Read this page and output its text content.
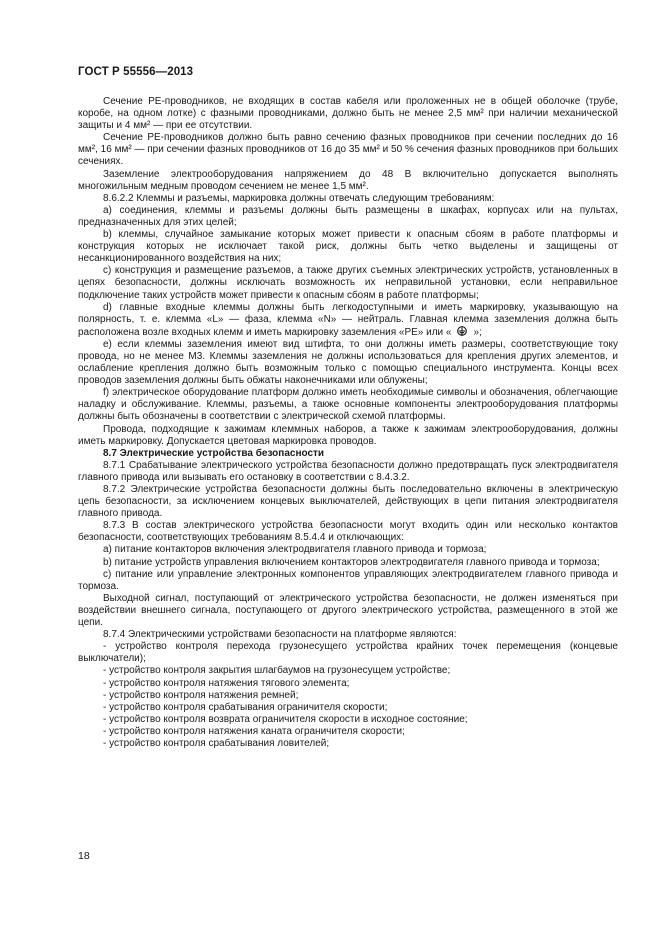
ГОСТ Р 55556—2013

Сечение PE-проводников, не входящих в состав кабеля или проложенных не в общей оболочке (трубе, коробе, на одном лотке) с фазными проводниками, должно быть не менее 2,5 мм² при наличии механической защиты и 4 мм² — при ее отсутствии.

Сечение PE-проводников должно быть равно сечению фазных проводников при сечении последних до 16 мм², 16 мм² — при сечении фазных проводников от 16 до 35 мм² и 50 % сечения фазных проводников при больших сечениях.

Заземление электрооборудования напряжением до 48 В включительно допускается выполнять многожильным медным проводом сечением не менее 1,5 мм².

8.6.2.2 Клеммы и разъемы, маркировка должны отвечать следующим требованиям:

а) соединения, клеммы и разъемы должны быть размещены в шкафах, корпусах или на пультах, предназначенных для этих целей;

b) клеммы, случайное замыкание которых может привести к опасным сбоям в работе платформы и конструкция которых не исключает такой риск, должны быть четко выделены и защищены от несанкционированного воздействия на них;

с) конструкция и размещение разъемов, а также других съемных электрических устройств, установленных в цепях безопасности, должны исключать возможность их неправильной установки, если неправильное подключение таких устройств может привести к опасным сбоям в работе платформы;

d) главные входные клеммы должны быть легкодоступными и иметь маркировку, указывающую на полярность, т. е. клемма «L» — фаза, клемма «N» — нейтраль. Главная клемма заземления должна быть расположена возле входных клемм и иметь маркировку заземления «PE» или « »;

e) если клеммы заземления имеют вид штифта, то они должны иметь размеры, соответствующие току провода, но не менее М3. Клеммы заземления не должны использоваться для крепления других элементов, и ослабление крепления должно быть возможным только с помощью специального инструмента. Концы всех проводов заземления должны быть обжаты наконечниками или облужены;

f) электрическое оборудование платформ должно иметь необходимые символы и обозначения, облегчающие наладку и обслуживание. Клеммы, разъемы, а также основные компоненты электрооборудования платформы должны быть обозначены в соответствии с электрической схемой платформы.

Провода, подходящие к зажимам клеммных наборов, а также к зажимам электрооборудования, должны иметь маркировку. Допускается цветовая маркировка проводов.

8.7 Электрические устройства безопасности

8.7.1 Срабатывание электрического устройства безопасности должно предотвращать пуск электродвигателя главного привода или вызывать его остановку в соответствии с 8.4.3.2.

8.7.2 Электрические устройства безопасности должны быть последовательно включены в электрическую цепь безопасности, за исключением концевых выключателей, действующих в цепи питания электродвигателя главного привода.

8.7.3 В состав электрического устройства безопасности могут входить один или несколько контактов безопасности, соответствующих требованиям 8.5.4.4 и отключающих:

а) питание контакторов включения электродвигателя главного привода и тормоза;

b) питание устройств управления включением контакторов электродвигателя главного привода и тормоза;

с) питание или управление электронных компонентов управляющих электродвигателем главного привода и тормоза.

Выходной сигнал, поступающий от электрического устройства безопасности, не должен изменяться при воздействии внешнего сигнала, поступающего от другого электрического устройства, размещенного в этой же цепи.

8.7.4 Электрическими устройствами безопасности на платформе являются:

- устройство контроля перехода грузонесущего устройства крайних точек перемещения (концевые выключатели);

- устройство контроля закрытия шлагбаумов на грузонесущем устройстве;

- устройство контроля натяжения тягового элемента;

- устройство контроля натяжения ремней;

- устройство контроля срабатывания ограничителя скорости;

- устройство контроля возврата ограничителя скорости в исходное состояние;

- устройство контроля натяжения каната ограничителя скорости;

- устройство контроля срабатывания ловителей;

18
